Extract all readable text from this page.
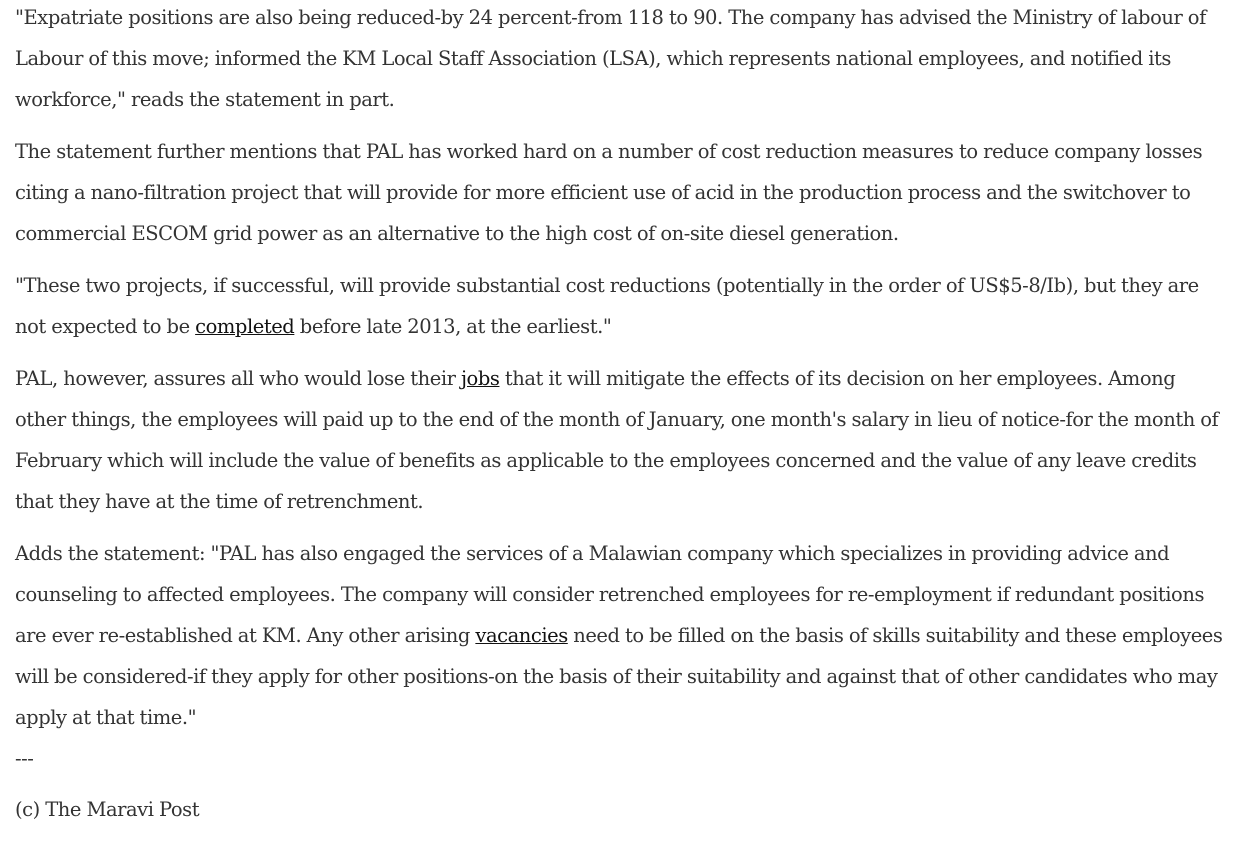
"Expatriate positions are also being reduced-by 24 percent-from 118 to 90. The company has advised the Ministry of labour of Labour of this move; informed the KM Local Staff Association (LSA), which represents national employees, and notified its workforce," reads the statement in part.

The statement further mentions that PAL has worked hard on a number of cost reduction measures to reduce company losses citing a nano-filtration project that will provide for more efficient use of acid in the production process and the switchover to commercial ESCOM grid power as an alternative to the high cost of on-site diesel generation.

"These two projects, if successful, will provide substantial cost reductions (potentially in the order of US$5-8/Ib), but they are not expected to be completed before late 2013, at the earliest."

PAL, however, assures all who would lose their jobs that it will mitigate the effects of its decision on her employees. Among other things, the employees will paid up to the end of the month of January, one month's salary in lieu of notice-for the month of February which will include the value of benefits as applicable to the employees concerned and the value of any leave credits that they have at the time of retrenchment.

Adds the statement: "PAL has also engaged the services of a Malawian company which specializes in providing advice and counseling to affected employees. The company will consider retrenched employees for re-employment if redundant positions are ever re-established at KM. Any other arising vacancies need to be filled on the basis of skills suitability and these employees will be considered-if they apply for other positions-on the basis of their suitability and against that of other candidates who may apply at that time."
---
(c) The Maravi Post
